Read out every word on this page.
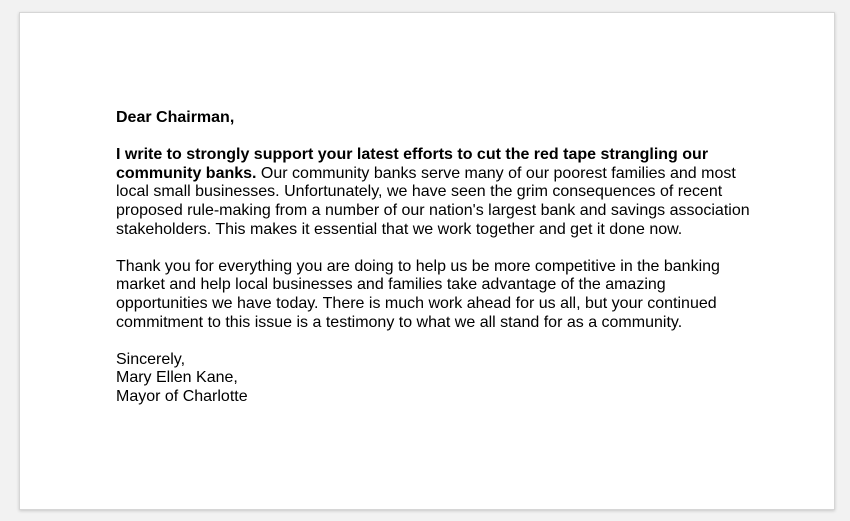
Dear Chairman,

I write to strongly support your latest efforts to cut the red tape strangling our community banks. Our community banks serve many of our poorest families and most local small businesses. Unfortunately, we have seen the grim consequences of recent proposed rule-making from a number of our nation's largest bank and savings association stakeholders. This makes it essential that we work together and get it done now.

Thank you for everything you are doing to help us be more competitive in the banking market and help local businesses and families take advantage of the amazing opportunities we have today. There is much work ahead for us all, but your continued commitment to this issue is a testimony to what we all stand for as a community.

Sincerely,
Mary Ellen Kane,
Mayor of Charlotte
